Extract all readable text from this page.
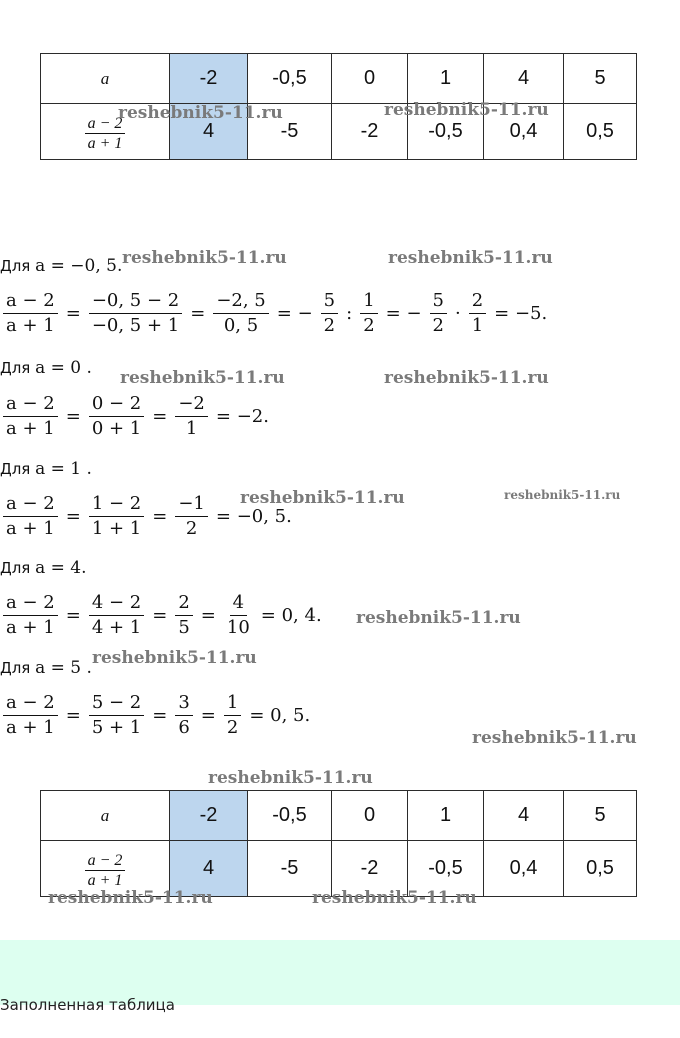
a	-2	-0,5	0	1	4	5

$\frac{a - 2}{a + 1}$	4	-5	-2	-0,5	0,4	0,5
Для a = −0, 5.
$\frac{a - 2}{a + 1} = \frac{-0, 5 - 2}{-0, 5 + 1} = \frac{-2, 5}{0, 5}$ = − $\frac{5}{2}$ : $\frac{1}{2}$ = − $\frac{5}{2} \cdot \frac{2}{1} = -5$.
Для a = 0 .
$\frac{a - 2}{a + 1} = \frac{0 - 2}{0 + 1} = \frac{-2}{1} = -2$.
Для a = 1 .
$\frac{a - 2}{a + 1} = \frac{1 - 2}{1 + 1} = \frac{-1}{2} = -0$, 5.
Для a = 4.
$\frac{a - 2}{a + 1} = \frac{4 - 2}{4 + 1} = \frac{2}{5} = \frac{4}{10} = 0$, 4.
Для a = 5 .
$\frac{a - 2}{a + 1} = \frac{5 - 2}{5 + 1} = \frac{3}{6} = \frac{1}{2} = 0$, 5.
a	-2	-0,5	0	1	4	5

$\frac{a - 2}{a + 1}$	4	-5	-2	-0,5	0,4	0,5
reshebnik5-11.ru	reshebnik5-11.ru
reshebnik5-11.ru	reshebnik5-11.ru
reshebnik5-11.ru	reshebnik5-11.ru
reshebnik5-11.ru	reshebnik5-11.ru
reshebnik5-11.ru
reshebnik5-11.ru
reshebnik5-11.ru
reshebnik5-11.ru
reshebnik5-11.ru	reshebnik5-11.ru
Заполненная таблица
